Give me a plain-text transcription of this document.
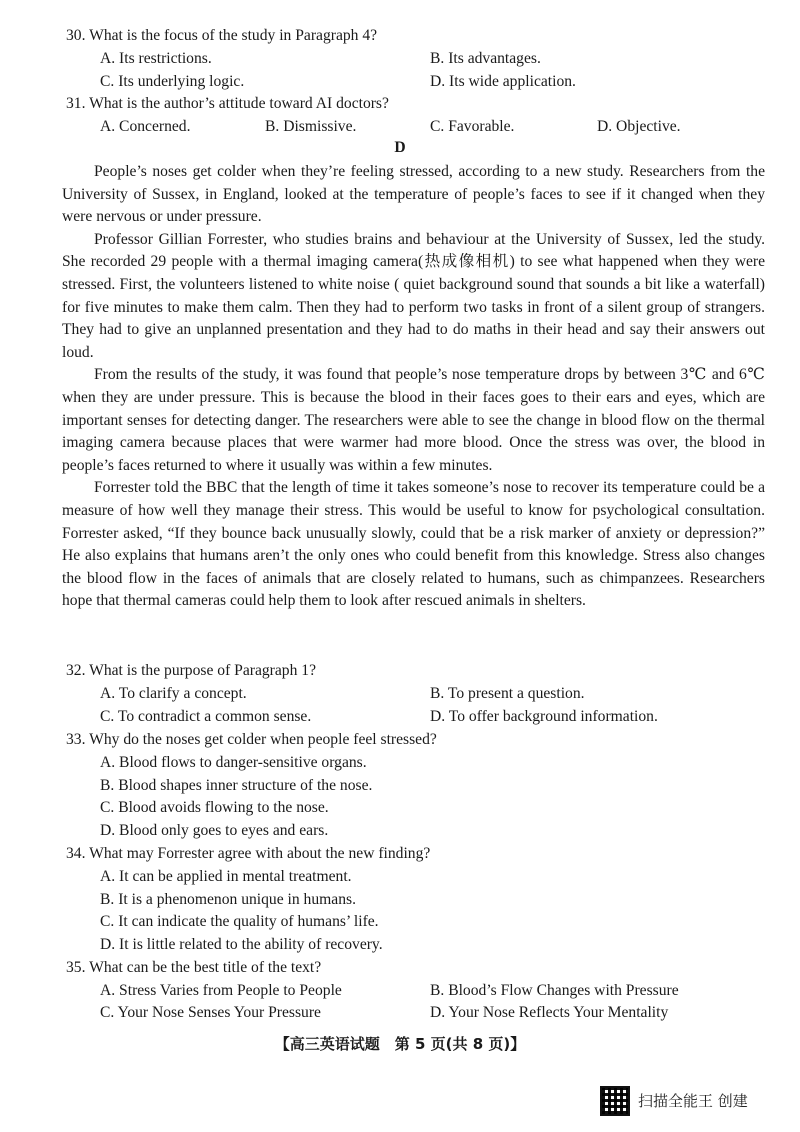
30. What is the focus of the study in Paragraph 4?
A. Its restrictions.	B. Its advantages.
C. Its underlying logic.	D. Its wide application.
31. What is the author’s attitude toward AI doctors?
A. Concerned.	B. Dismissive.	C. Favorable.	D. Objective.
D

People’s noses get colder when they’re feeling stressed, according to a new study. Researchers from the University of Sussex, in England, looked at the temperature of people’s faces to see if it changed when they were nervous or under pressure.

Professor Gillian Forrester, who studies brains and behaviour at the University of Sussex, led the study. She recorded 29 people with a thermal imaging camera(热成像相机) to see what happened when they were stressed. First, the volunteers listened to white noise ( quiet background sound that sounds a bit like a waterfall) for five minutes to make them calm. Then they had to perform two tasks in front of a silent group of strangers. They had to give an unplanned presentation and they had to do maths in their head and say their answers out loud.

From the results of the study, it was found that people’s nose temperature drops by between 3℃ and 6℃ when they are under pressure. This is because the blood in their faces goes to their ears and eyes, which are important senses for detecting danger. The researchers were able to see the change in blood flow on the thermal imaging camera because places that were warmer had more blood. Once the stress was over, the blood in people’s faces returned to where it usually was within a few minutes.

Forrester told the BBC that the length of time it takes someone’s nose to recover its temperature could be a measure of how well they manage their stress. This would be useful to know for psychological consultation. Forrester asked, “If they bounce back unusually slowly, could that be a risk marker of anxiety or depression?” He also explains that humans aren’t the only ones who could benefit from this knowledge. Stress also changes the blood flow in the faces of animals that are closely related to humans, such as chimpanzees. Researchers hope that thermal cameras could help them to look after rescued animals in shelters.

32. What is the purpose of Paragraph 1?
A. To clarify a concept.	B. To present a question.
C. To contradict a common sense.	D. To offer background information.
33. Why do the noses get colder when people feel stressed?
A. Blood flows to danger-sensitive organs.
B. Blood shapes inner structure of the nose.
C. Blood avoids flowing to the nose.
D. Blood only goes to eyes and ears.
34. What may Forrester agree with about the new finding?
A. It can be applied in mental treatment.
B. It is a phenomenon unique in humans.
C. It can indicate the quality of humans’ life.
D. It is little related to the ability of recovery.
35. What can be the best title of the text?
A. Stress Varies from People to People	B. Blood’s Flow Changes with Pressure
C. Your Nose Senses Your Pressure	D. Your Nose Reflects Your Mentality
【高三英语试题　第 5 页(共 8 页)】
扫描全能王 创建
